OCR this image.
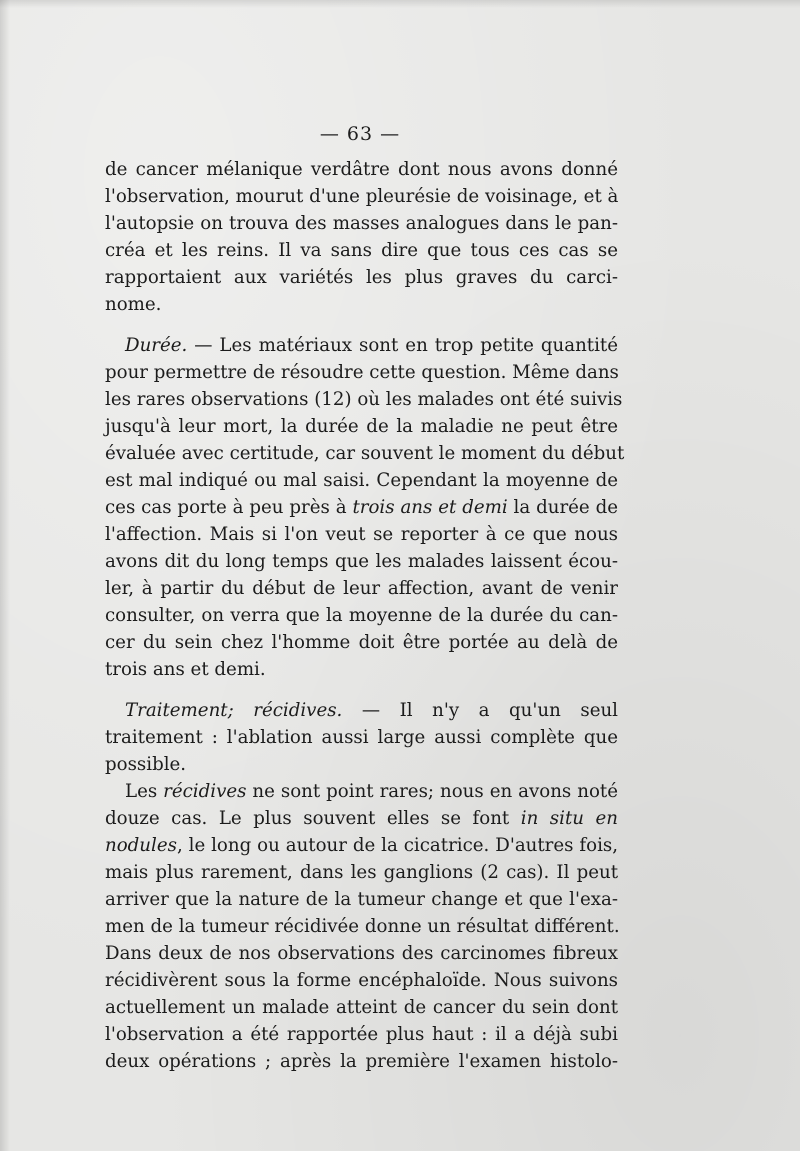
— 63 —
de cancer mélanique verdâtre dont nous avons donné
l'observation, mourut d'une pleurésie de voisinage, et à
l'autopsie on trouva des masses analogues dans le pan-
créa et les reins. Il va sans dire que tous ces cas se
rapportaient aux variétés les plus graves du carci-
nome.
Durée. — Les matériaux sont en trop petite quantité
pour permettre de résoudre cette question. Même dans
les rares observations (12) où les malades ont été suivis
jusqu'à leur mort, la durée de la maladie ne peut être
évaluée avec certitude, car souvent le moment du début
est mal indiqué ou mal saisi. Cependant la moyenne de
ces cas porte à peu près à trois ans et demi la durée de
l'affection. Mais si l'on veut se reporter à ce que nous
avons dit du long temps que les malades laissent écou-
ler, à partir du début de leur affection, avant de venir
consulter, on verra que la moyenne de la durée du can-
cer du sein chez l'homme doit être portée au delà de
trois ans et demi.
Traitement; récidives. — Il n'y a qu'un seul
traitement : l'ablation aussi large aussi complète que
possible.
Les récidives ne sont point rares; nous en avons noté
douze cas. Le plus souvent elles se font in situ en
nodules, le long ou autour de la cicatrice. D'autres fois,
mais plus rarement, dans les ganglions (2 cas). Il peut
arriver que la nature de la tumeur change et que l'exa-
men de la tumeur récidivée donne un résultat différent.
Dans deux de nos observations des carcinomes fibreux
récidivèrent sous la forme encéphaloïde. Nous suivons
actuellement un malade atteint de cancer du sein dont
l'observation a été rapportée plus haut : il a déjà subi
deux opérations ; après la première l'examen histolo-
